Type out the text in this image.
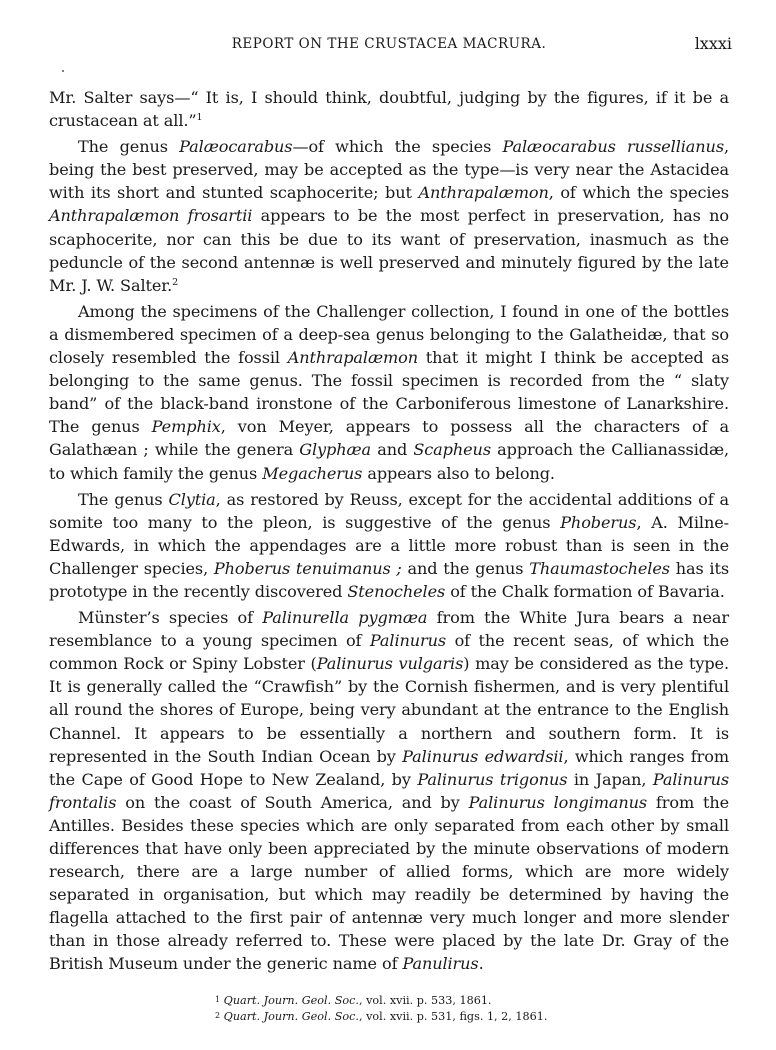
REPORT ON THE CRUSTACEA MACRURA.	lxxxi

Mr. Salter says—“ It is, I should think, doubtful, judging by the figures, if it be a crustacean at all.”$^1$

The genus Palæocarabus—of which the species Palæocarabus russellianus, being the best preserved, may be accepted as the type—is very near the Astacidea with its short and stunted scaphocerite; but Anthrapalæmon, of which the species Anthrapalæmon frosartii appears to be the most perfect in preservation, has no scaphocerite, nor can this be due to its want of preservation, inasmuch as the peduncle of the second antennæ is well preserved and minutely figured by the late Mr. J. W. Salter.$^2$

Among the specimens of the Challenger collection, I found in one of the bottles a dismembered specimen of a deep-sea genus belonging to the Galatheidæ, that so closely resembled the fossil Anthrapalæmon that it might I think be accepted as belonging to the same genus. The fossil specimen is recorded from the “ slaty band” of the black-band ironstone of the Carboniferous limestone of Lanarkshire. The genus Pemphix, von Meyer, appears to possess all the characters of a Galathæan ; while the genera Glyphæa and Scapheus approach the Callianassidæ, to which family the genus Megacherus appears also to belong.

The genus Clytia, as restored by Reuss, except for the accidental additions of a somite too many to the pleon, is suggestive of the genus Phoberus, A. Milne-Edwards, in which the appendages are a little more robust than is seen in the Challenger species, Phoberus tenuimanus ; and the genus Thaumastocheles has its prototype in the recently discovered Stenocheles of the Chalk formation of Bavaria.

Münster’s species of Palinurella pygmæa from the White Jura bears a near resemblance to a young specimen of Palinurus of the recent seas, of which the common Rock or Spiny Lobster (Palinurus vulgaris) may be considered as the type. It is generally called the “Crawfish” by the Cornish fishermen, and is very plentiful all round the shores of Europe, being very abundant at the entrance to the English Channel. It appears to be essentially a northern and southern form. It is represented in the South Indian Ocean by Palinurus edwardsii, which ranges from the Cape of Good Hope to New Zealand, by Palinurus trigonus in Japan, Palinurus frontalis on the coast of South America, and by Palinurus longimanus from the Antilles. Besides these species which are only separated from each other by small differences that have only been appreciated by the minute observations of modern research, there are a large number of allied forms, which are more widely separated in organisation, but which may readily be determined by having the flagella attached to the first pair of antennæ very much longer and more slender than in those already referred to. These were placed by the late Dr. Gray of the British Museum under the generic name of Panulirus.

$^1$ Quart. Journ. Geol. Soc., vol. xvii. p. 533, 1861.
$^2$ Quart. Journ. Geol. Soc., vol. xvii. p. 531, figs. 1, 2, 1861.
